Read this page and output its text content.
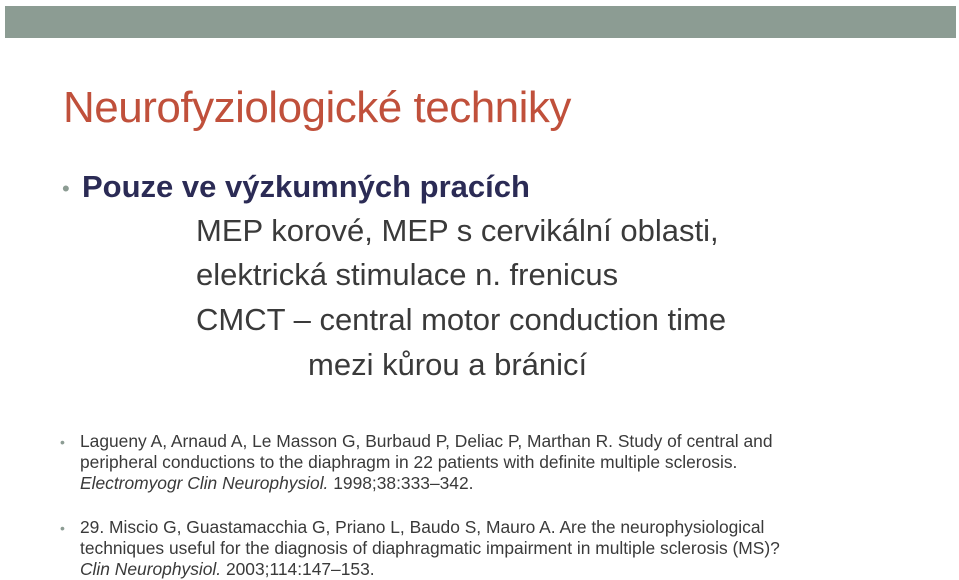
Neurofyziologické techniky
• Pouze ve výzkumných pracích
MEP korové, MEP s cervikální oblasti,
elektrická stimulace n. frenicus
CMCT – central motor conduction time
mezi kůrou a bránicí
• Lagueny A, Arnaud A, Le Masson G, Burbaud P, Deliac P, Marthan R. Study of central and
peripheral conductions to the diaphragm in 22 patients with definite multiple sclerosis.
Electromyogr Clin Neurophysiol. 1998;38:333–342.
• 29. Miscio G, Guastamacchia G, Priano L, Baudo S, Mauro A. Are the neurophysiological
techniques useful for the diagnosis of diaphragmatic impairment in multiple sclerosis (MS)?
Clin Neurophysiol. 2003;114:147–153.
